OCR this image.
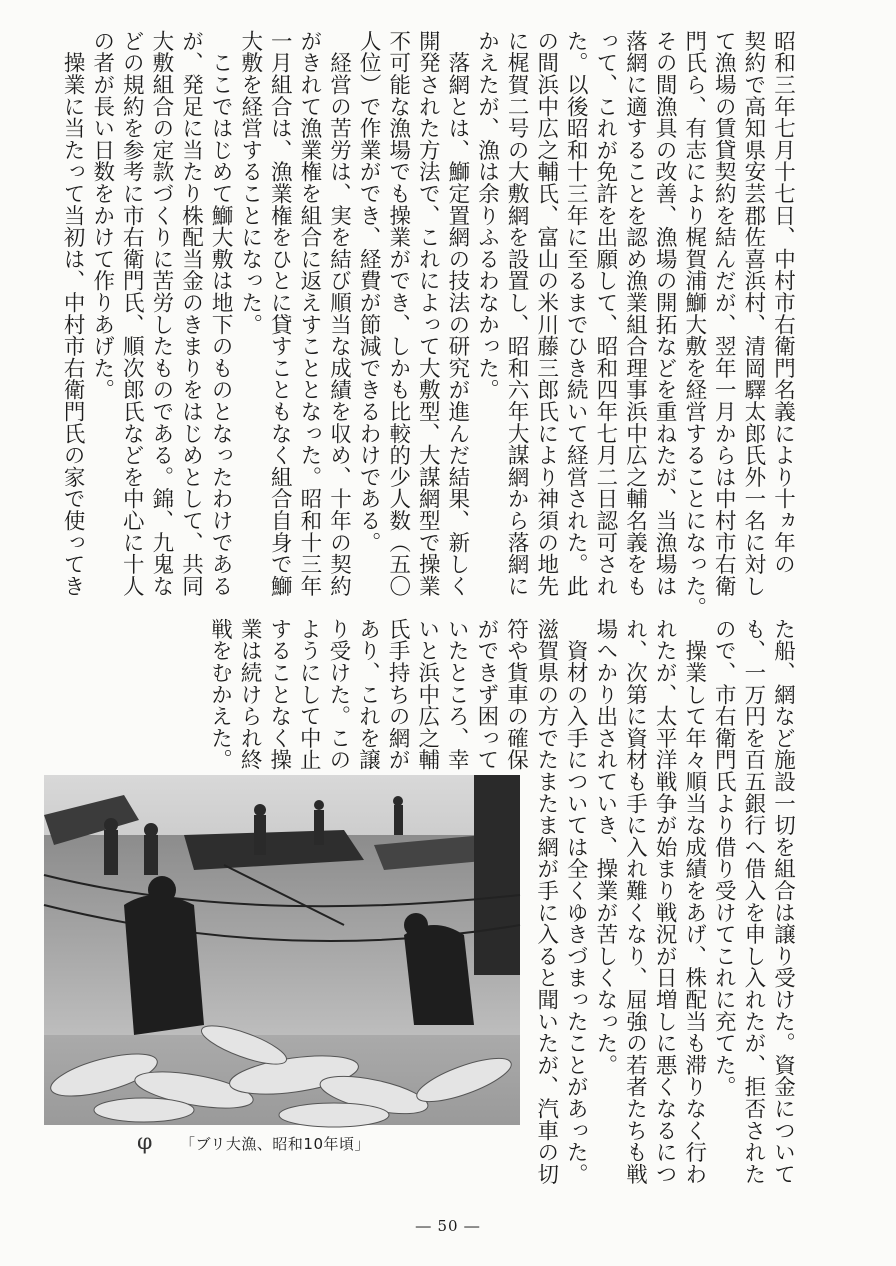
昭和三年七月十七日、中村市右衛門名義により十ヵ年の
契約で高知県安芸郡佐喜浜村、清岡驛太郎氏外一名に対し
て漁場の賃貸契約を結んだが、翌年一月からは中村市右衛
門氏ら、有志により梶賀浦鰤大敷を経営することになった。
その間漁具の改善、漁場の開拓などを重ねたが、当漁場は
落網に適することを認め漁業組合理事浜中広之輔名義をも
って、これが免許を出願して、昭和四年七月二日認可され
た。以後昭和十三年に至るまでひき続いて経営された。此
の間浜中広之輔氏、富山の米川藤三郎氏により神須の地先
に梶賀二号の大敷網を設置し、昭和六年大謀網から落網に
かえたが、漁は余りふるわなかった。
　落網とは、鰤定置網の技法の研究が進んだ結果、新しく
開発された方法で、これによって大敷型、大謀網型で操業
不可能な漁場でも操業ができ、しかも比較的少人数（五〇
人位）で作業ができ、経費が節減できるわけである。
　経営の苦労は、実を結び順当な成績を収め、十年の契約
がきれて漁業権を組合に返えすこととなった。昭和十三年
一月組合は、漁業権をひとに貸すこともなく組合自身で鰤
大敷を経営することになった。
　ここではじめて鰤大敷は地下のものとなったわけである
が、発足に当たり株配当金のきまりをはじめとして、共同
大敷組合の定款づくりに苦労したものである。錦、九鬼な
どの規約を参考に市右衛門氏、順次郎氏などを中心に十人
の者が長い日数をかけて作りあげた。
　操業に当たって当初は、中村市右衛門氏の家で使ってき
た船、網など施設一切を組合は譲り受けた。資金について
も、一万円を百五銀行へ借入を申し入れたが、拒否された
ので、市右衛門氏より借り受けてこれに充てた。
　操業して年々順当な成績をあげ、株配当も滞りなく行わ
れたが、太平洋戦争が始まり戦況が日増しに悪くなるにつ
れ、次第に資材も手に入れ難くなり、屈強の若者たちも戦
場へかり出されていき、操業が苦しくなった。
　資材の入手については全くゆきづまったことがあった。
滋賀県の方でたまたま網が手に入ると聞いたが、汽車の切
符や貨車の確保
ができず困って
いたところ、幸
いと浜中広之輔
氏手持ちの網が
あり、これを譲
り受けた。この
ようにして中止
することなく操
業は続けられ終
戦をむかえた。
φ 「ブリ大漁、昭和10年頃」
― 50 ―
